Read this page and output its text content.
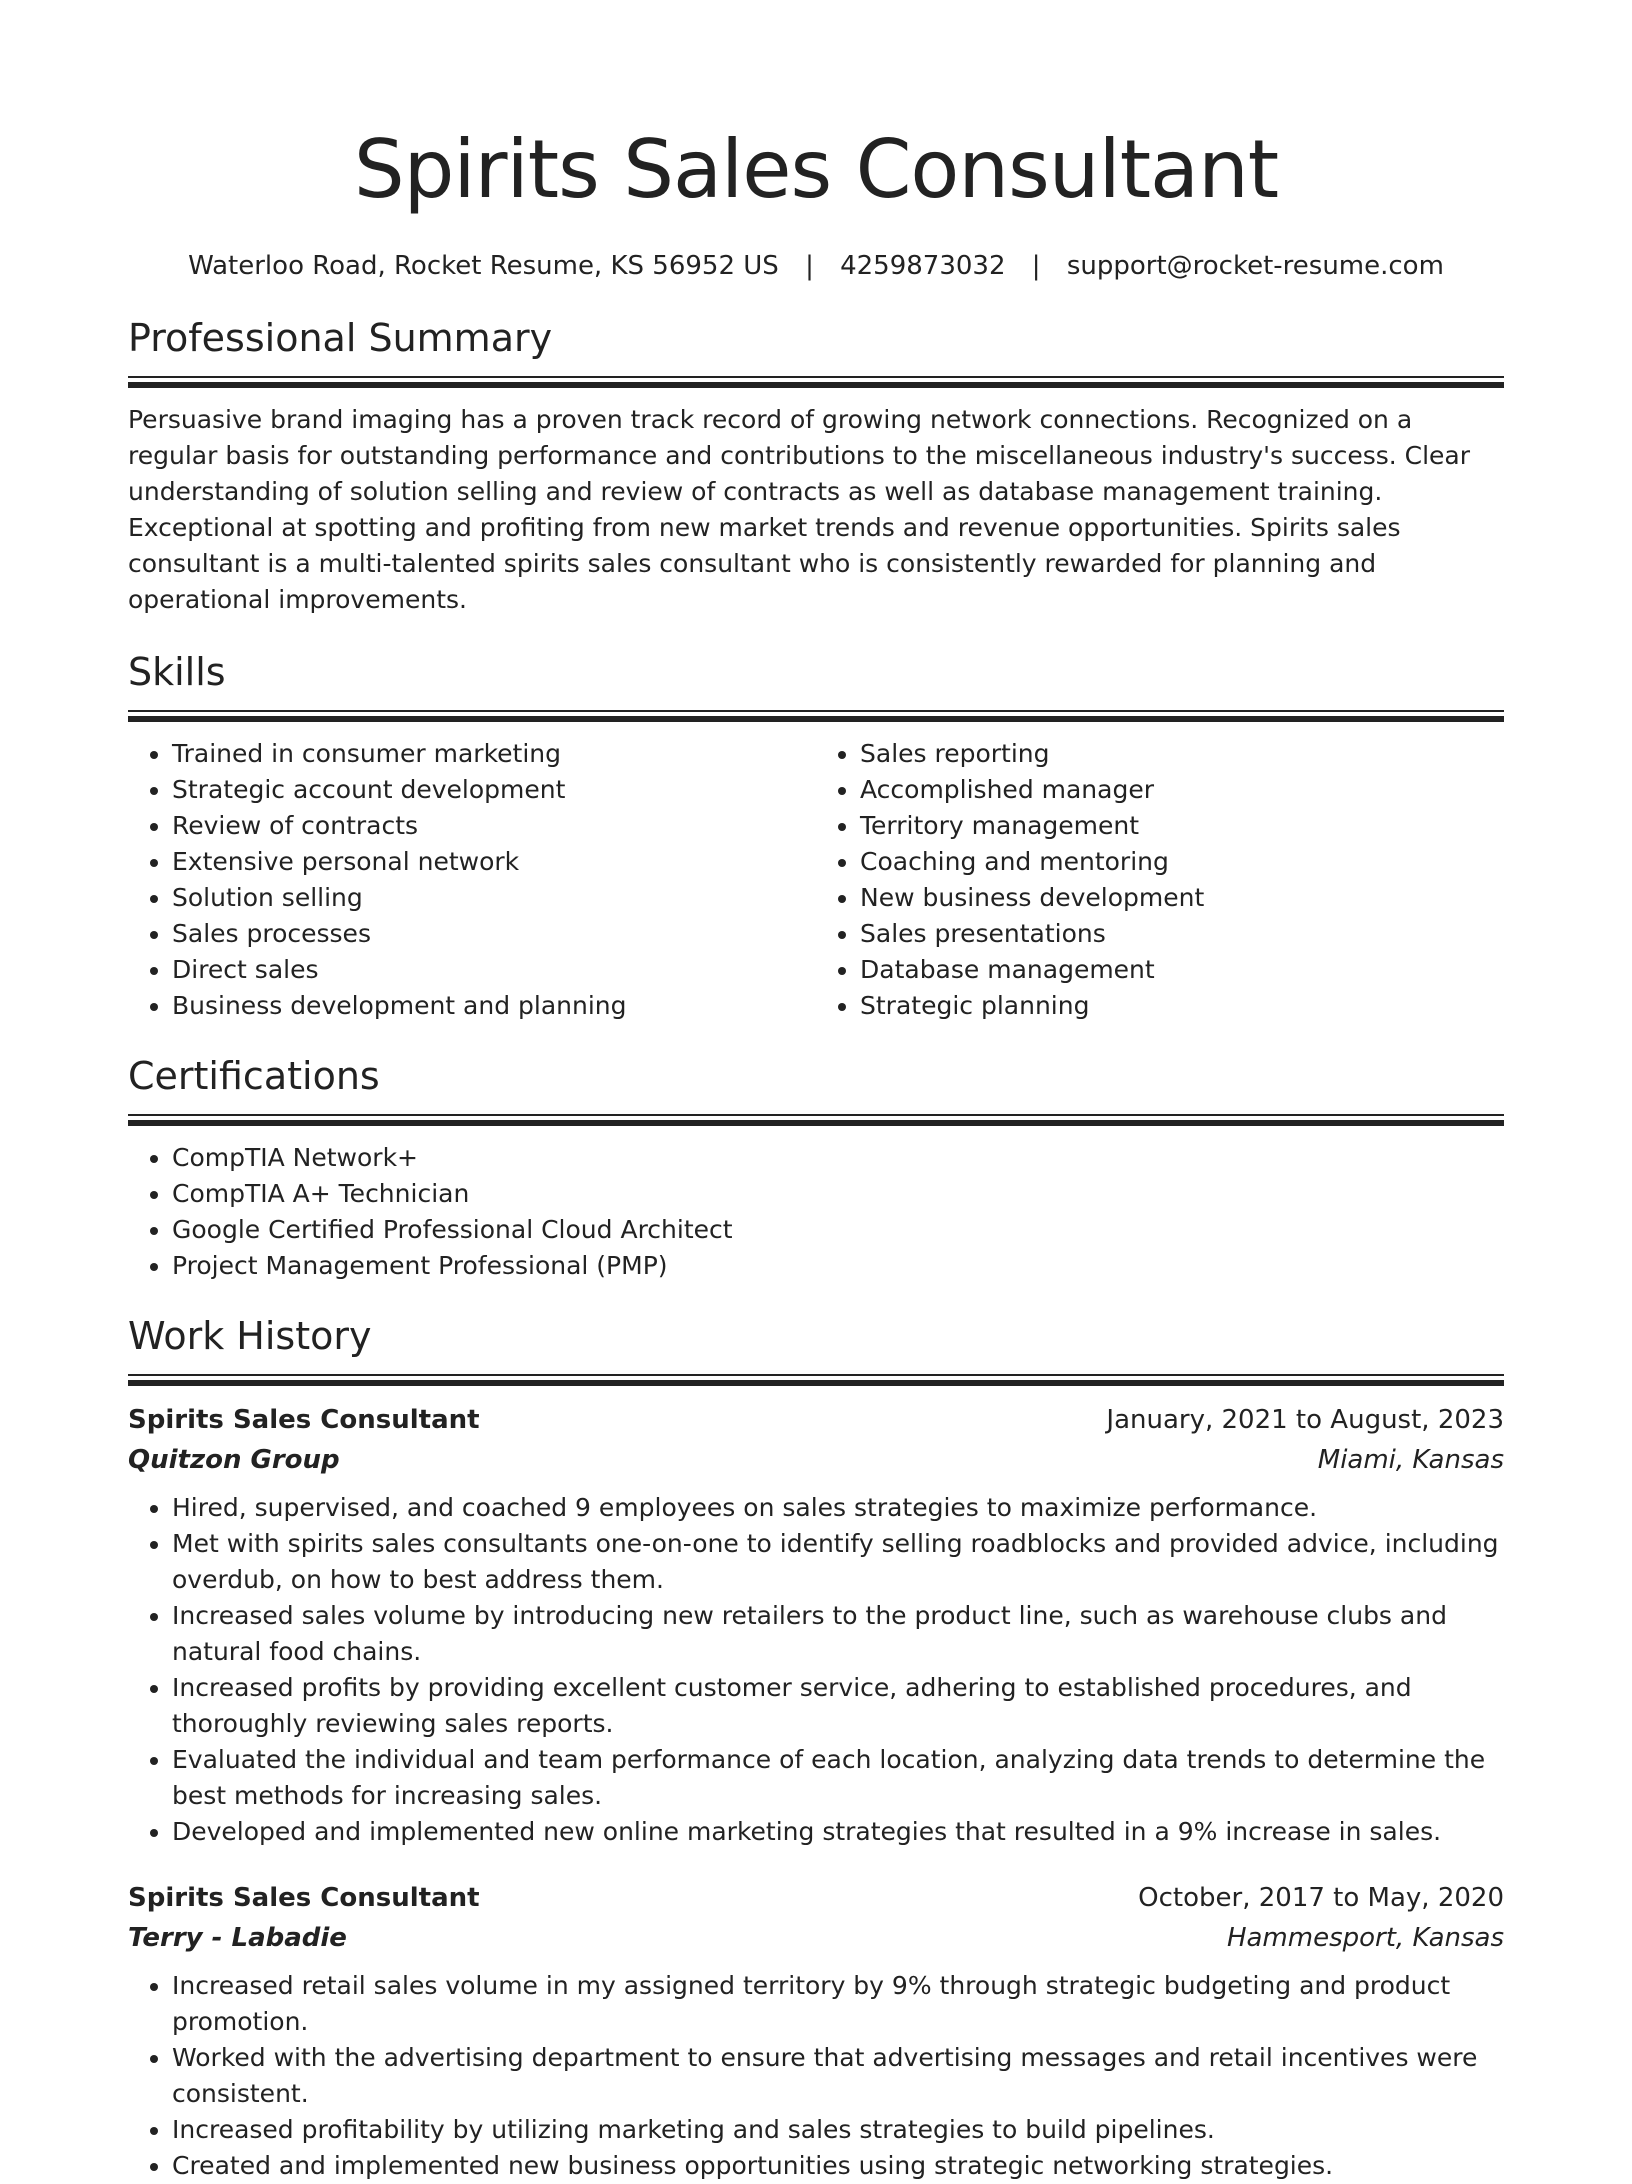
Spirits Sales Consultant
Waterloo Road, Rocket Resume, KS 56952 US | 4259873032 | support@rocket-resume.com
Professional Summary

Persuasive brand imaging has a proven track record of growing network connections. Recognized on a regular basis for outstanding performance and contributions to the miscellaneous industry's success. Clear understanding of solution selling and review of contracts as well as database management training. Exceptional at spotting and profiting from new market trends and revenue opportunities. Spirits sales consultant is a multi-talented spirits sales consultant who is consistently rewarded for planning and operational improvements.

Skills
• Trained in consumer marketing
• Strategic account development
• Review of contracts
• Extensive personal network
• Solution selling
• Sales processes
• Direct sales
• Business development and planning
• Sales reporting
• Accomplished manager
• Territory management
• Coaching and mentoring
• New business development
• Sales presentations
• Database management
• Strategic planning
Certifications
• CompTIA Network+
• CompTIA A+ Technician
• Google Certified Professional Cloud Architect
• Project Management Professional (PMP)
Work History
Spirits Sales Consultant	January, 2021 to August, 2023
Quitzon Group	Miami, Kansas
• Hired, supervised, and coached 9 employees on sales strategies to maximize performance.
• Met with spirits sales consultants one-on-one to identify selling roadblocks and provided advice, including overdub, on how to best address them.
• Increased sales volume by introducing new retailers to the product line, such as warehouse clubs and natural food chains.
• Increased profits by providing excellent customer service, adhering to established procedures, and thoroughly reviewing sales reports.
• Evaluated the individual and team performance of each location, analyzing data trends to determine the best methods for increasing sales.
• Developed and implemented new online marketing strategies that resulted in a 9% increase in sales.
Spirits Sales Consultant	October, 2017 to May, 2020
Terry - Labadie	Hammesport, Kansas
• Increased retail sales volume in my assigned territory by 9% through strategic budgeting and product promotion.
• Worked with the advertising department to ensure that advertising messages and retail incentives were consistent.
• Increased profitability by utilizing marketing and sales strategies to build pipelines.
• Created and implemented new business opportunities using strategic networking strategies.
